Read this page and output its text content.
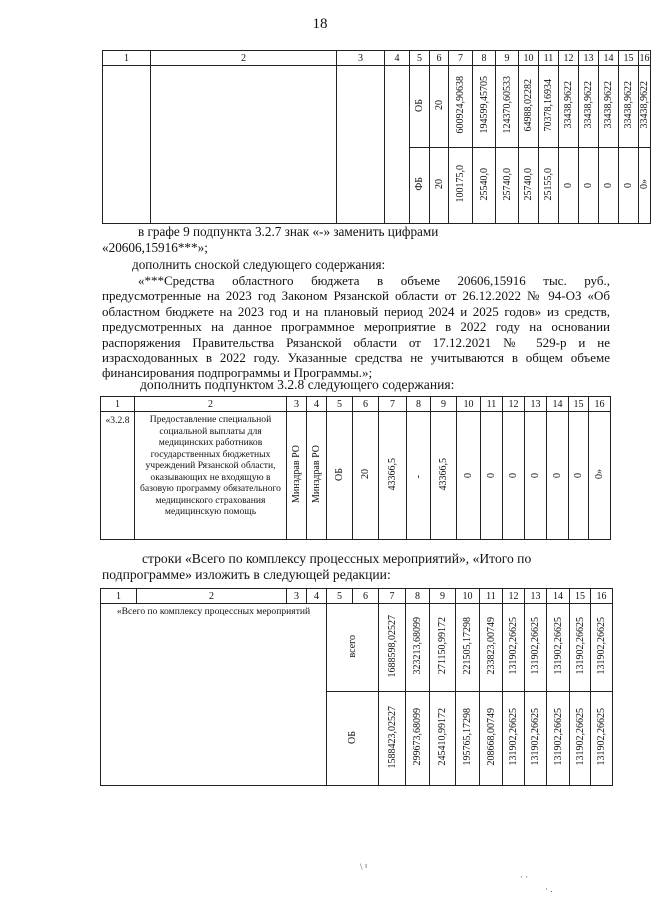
18
1	2	3	4	5	6	7	8	9	10	11	12	13	14	15	16
				ОБ	20	600924,90638	194599,45705	124370,60533	64988,02282	70378,16934	33438,9622	33438,9622	33438,9622	33438,9622	33438,9622
				ФБ	20	100175,0	25540,0	25740,0	25740,0	25155,0	0	0	0	0	0»
в графе 9 подпункта 3.2.7 знак «-» заменить цифрами
«20606,15916***»;
дополнить сноской следующего содержания:
«***Средства областного бюджета в объеме 20606,15916 тыс. руб., предусмотренные на 2023 год Законом Рязанской области от 26.12.2022 № 94-ОЗ «Об областном бюджете на 2023 год и на плановый период 2024 и 2025 годов» из средств, предусмотренных на данное программное мероприятие в 2022 году на основании распоряжения Правительства Рязанской области от 17.12.2021 № 529-р и не израсходованных в 2022 году. Указанные средства не учитываются в общем объеме финансирования подпрограммы и Программы.»;
дополнить подпунктом 3.2.8 следующего содержания:
1	2	3	4	5	6	7	8	9	10	11	12	13	14	15	16
«3.2.8	Предоставление специальной социальной выплаты для медицинских работников государственных бюджетных учреждений Рязанской области, оказывающих не входящую в базовую программу обязательного медицинского страхования медицинскую помощь	Минздрав РО	Минздрав РО	ОБ	20	43366,5	-	43366,5	0	0	0	0	0	0	0»
строки «Всего по комплексу процессных мероприятий», «Итого по
подпрограмме» изложить в следующей редакции:
1	2	3	4	5	6	7	8	9	10	11	12	13	14	15	16
«Всего по комплексу процессных мероприятий				всего		1688598,02527	323213,68099	271150,99172	221505,17298	233823,00749	131902,26625	131902,26625	131902,26625	131902,26625	131902,26625
				ОБ		1588423,02527	299673,68099	245410,99172	195765,17298	208668,00749	131902,26625	131902,26625	131902,26625	131902,26625	131902,26625
\ ¹
· ·
· .
